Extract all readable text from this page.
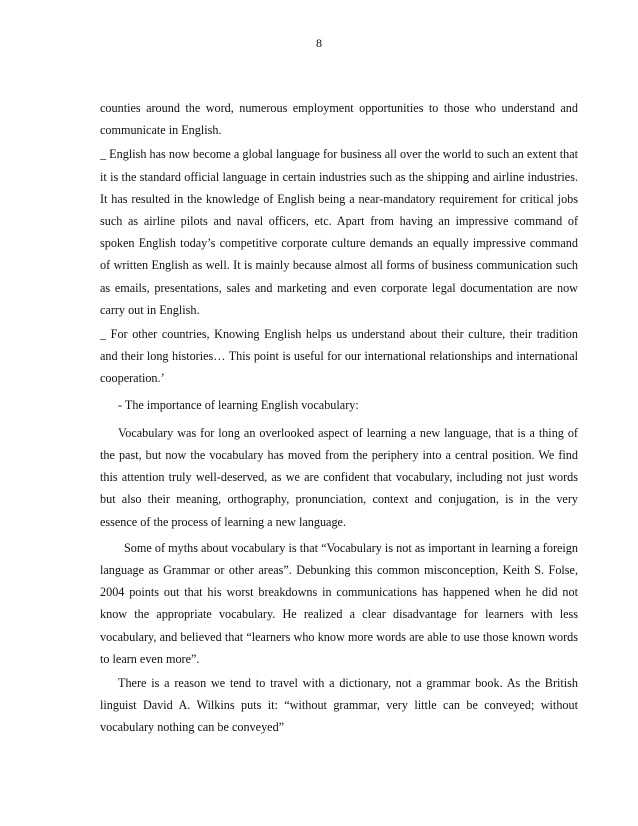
8

counties around the word, numerous employment opportunities to those who understand and communicate in English.

_ English has now become a global language for business all over the world to such an extent that it is the standard official language in certain industries such as the shipping and airline industries. It has resulted in the knowledge of English being a near-mandatory requirement for critical jobs such as airline pilots and naval officers, etc. Apart from having an impressive command of spoken English today’s competitive corporate culture demands an equally impressive command of written English as well. It is mainly because almost all forms of business communication such as emails, presentations, sales and marketing and even corporate legal documentation are now carry out in English.

_ For other countries, Knowing English helps us understand about their culture, their tradition and their long histories… This point is useful for our international relationships and international cooperation.’

- The importance of learning English vocabulary:

Vocabulary was for long an overlooked aspect of learning a new language, that is a thing of the past, but now the vocabulary has moved from the periphery into a central position. We find this attention truly well-deserved, as we are confident that vocabulary, including not just words but also their meaning, orthography, pronunciation, context and conjugation, is in the very essence of the process of learning a new language.

Some of myths about vocabulary is that “Vocabulary is not as important in learning a foreign language as Grammar or other areas”. Debunking this common misconception, Keith S. Folse, 2004 points out that his worst breakdowns in communications has happened when he did not know the appropriate vocabulary. He realized a clear disadvantage for learners with less vocabulary, and believed that “learners who know more words are able to use those known words to learn even more”.

There is a reason we tend to travel with a dictionary, not a grammar book. As the British linguist David A. Wilkins puts it: “without grammar, very little can be conveyed; without vocabulary nothing can be conveyed”
